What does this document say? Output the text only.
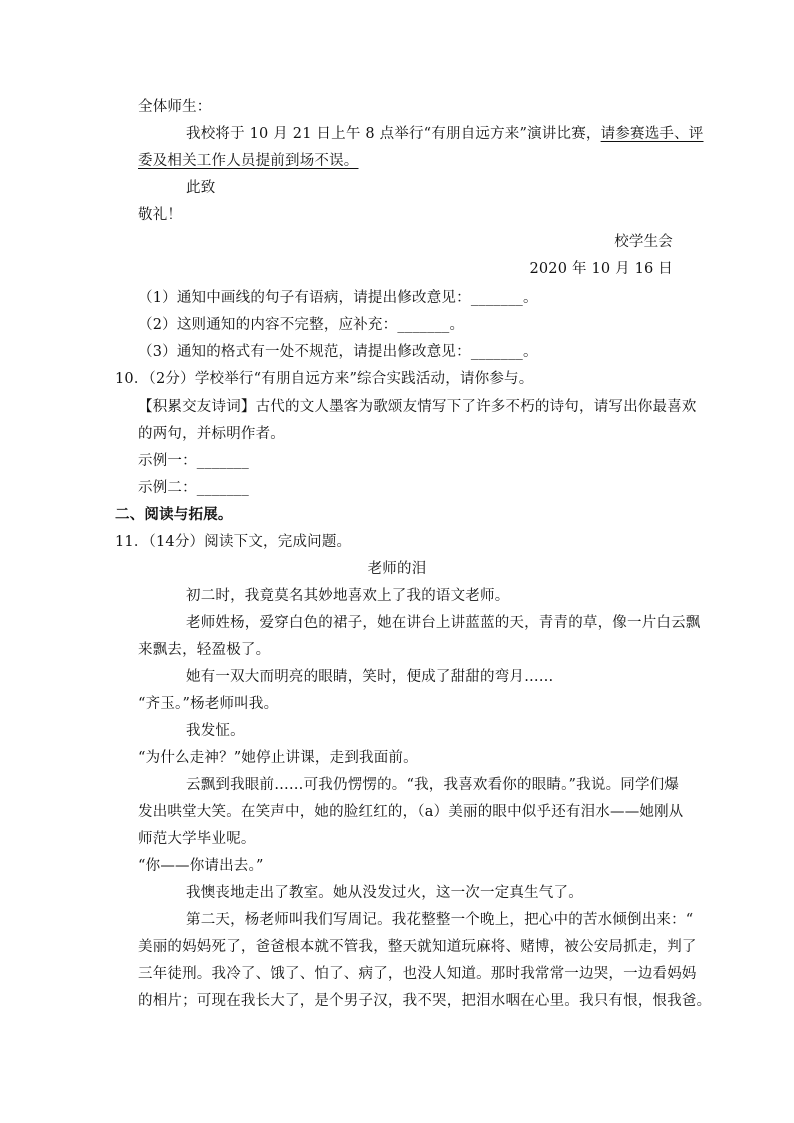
全体师生：
我校将于 10 月 21 日上午 8 点举行“有朋自远方来”演讲比赛，请参赛选手、评
委及相关工作人员提前到场不误。
此致
敬礼！
校学生会
2020 年 10 月 16 日
（1）通知中画线的句子有语病，请提出修改意见：_______。
（2）这则通知的内容不完整，应补充：_______。
（3）通知的格式有一处不规范，请提出修改意见：_______。
10．（2分）学校举行“有朋自远方来”综合实践活动，请你参与。
【积累交友诗词】古代的文人墨客为歌颂友情写下了许多不朽的诗句，请写出你最喜欢
的两句，并标明作者。
示例一：_______
示例二：_______
二、阅读与拓展。
11．（14分）阅读下文，完成问题。
老师的泪
初二时，我竟莫名其妙地喜欢上了我的语文老师。
老师姓杨，爱穿白色的裙子，她在讲台上讲蓝蓝的天，青青的草，像一片白云飘
来飘去，轻盈极了。
她有一双大而明亮的眼睛，笑时，便成了甜甜的弯月……
“齐玉。”杨老师叫我。
我发怔。
“为什么走神？”她停止讲课，走到我面前。
云飘到我眼前……可我仍愣愣的。“我，我喜欢看你的眼睛。”我说。同学们爆
发出哄堂大笑。在笑声中，她的脸红红的，（a）美丽的眼中似乎还有泪水——她刚从
师范大学毕业呢。
“你——你请出去。”
我懊丧地走出了教室。她从没发过火，这一次一定真生气了。
第二天，杨老师叫我们写周记。我花整整一个晚上，把心中的苦水倾倒出来：“
美丽的妈妈死了，爸爸根本就不管我，整天就知道玩麻将、赌博，被公安局抓走，判了
三年徒刑。我冷了、饿了、怕了、病了，也没人知道。那时我常常一边哭，一边看妈妈
的相片；可现在我长大了，是个男子汉，我不哭，把泪水咽在心里。我只有恨，恨我爸。
